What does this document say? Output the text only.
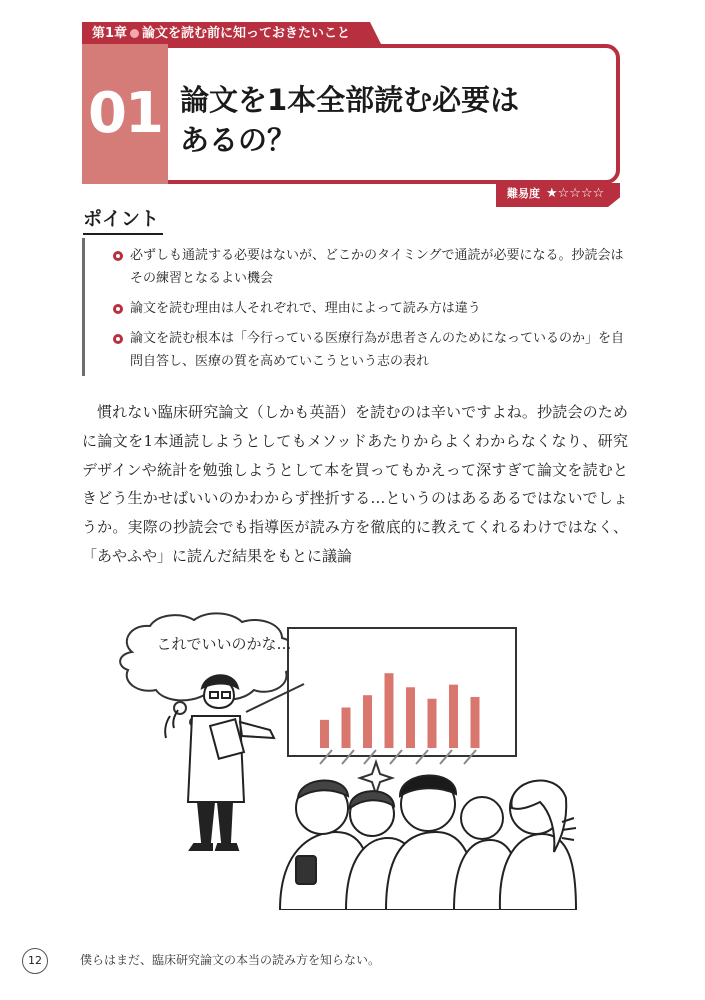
第1章 論文を読む前に知っておきたいこと
01 論文を1本全部読む必要は
あるの？
難易度 ★☆☆☆☆
ポイント
必ずしも通読する必要はないが、どこかのタイミングで通読が必要になる。抄読会はその練習となるよい機会
論文を読む理由は人それぞれで、理由によって読み方は違う
論文を読む根本は「今行っている医療行為が患者さんのためになっているのか」を自問自答し、医療の質を高めていこうという志の表れ

慣れない臨床研究論文（しかも英語）を読むのは辛いですよね。抄読会のために論文を1本通読しようとしてもメソッドあたりからよくわからなくなり、研究デザインや統計を勉強しようとして本を買ってもかえって深すぎて論文を読むときどう生かせばいいのかわからず挫折する…というのはあるあるではないでしょうか。実際の抄読会でも指導医が読み方を徹底的に教えてくれるわけではなく、「あやふや」に読んだ結果をもとに議論

これでいいのかな…
12	僕らはまだ、臨床研究論文の本当の読み方を知らない。
